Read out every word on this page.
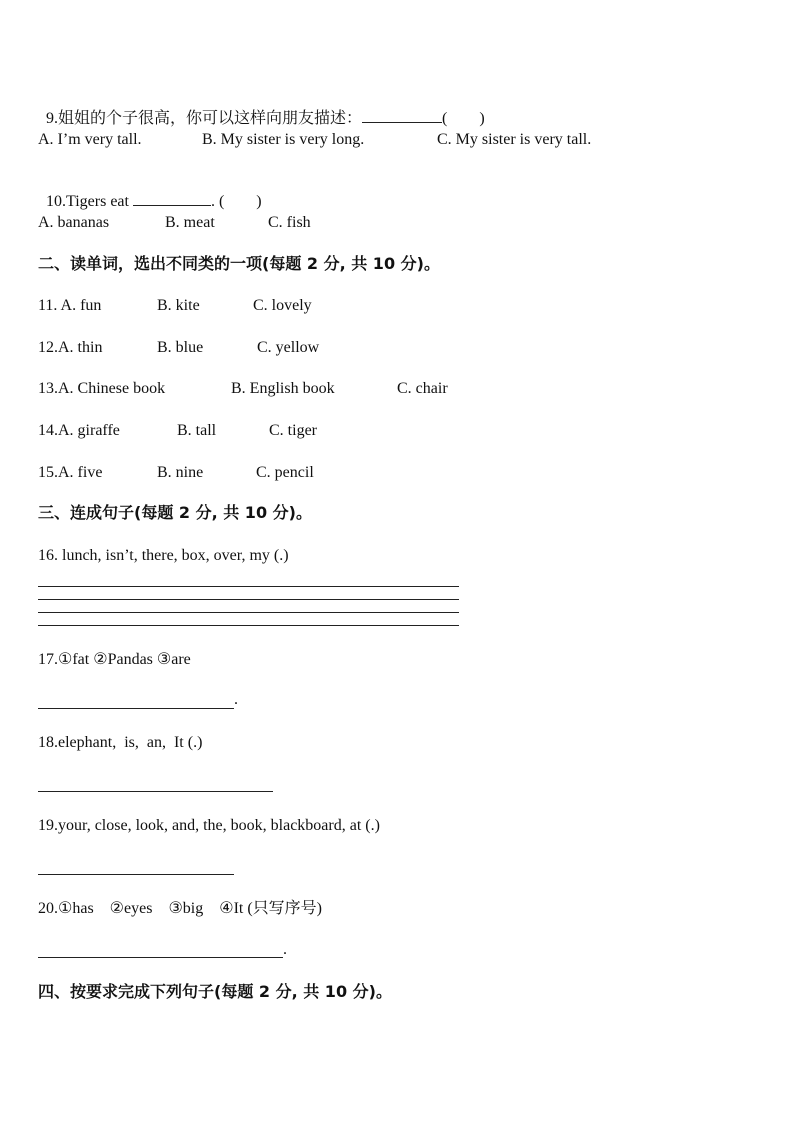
9.姐姐的个子很高，你可以这样向朋友描述：	(　　)

A. I’m very tall.	B. My sister is very long.	C. My sister is very tall.

10.Tigers eat	. (　　)

A. bananas	B. meat	C. fish
二、读单词，选出不同类的一项(每题 2 分, 共 10 分)。
11. A. fun	B. kite	C. lovely
12.A. thin	B. blue	C. yellow
13.A. Chinese book	B. English book	C. chair
14.A. giraffe	B. tall	C. tiger
15.A. five	B. nine	C. pencil
三、连成句子(每题 2 分, 共 10 分)。
16. lunch, isn’t, there, box, over, my (.)
17.①fat ②Pandas ③are
.
18.elephant,  is,  an,  It (.)
19.your, close, look, and, the, book, blackboard, at (.)
20.①has　②eyes　③big　④It (只写序号)
.
四、按要求完成下列句子(每题 2 分, 共 10 分)。
